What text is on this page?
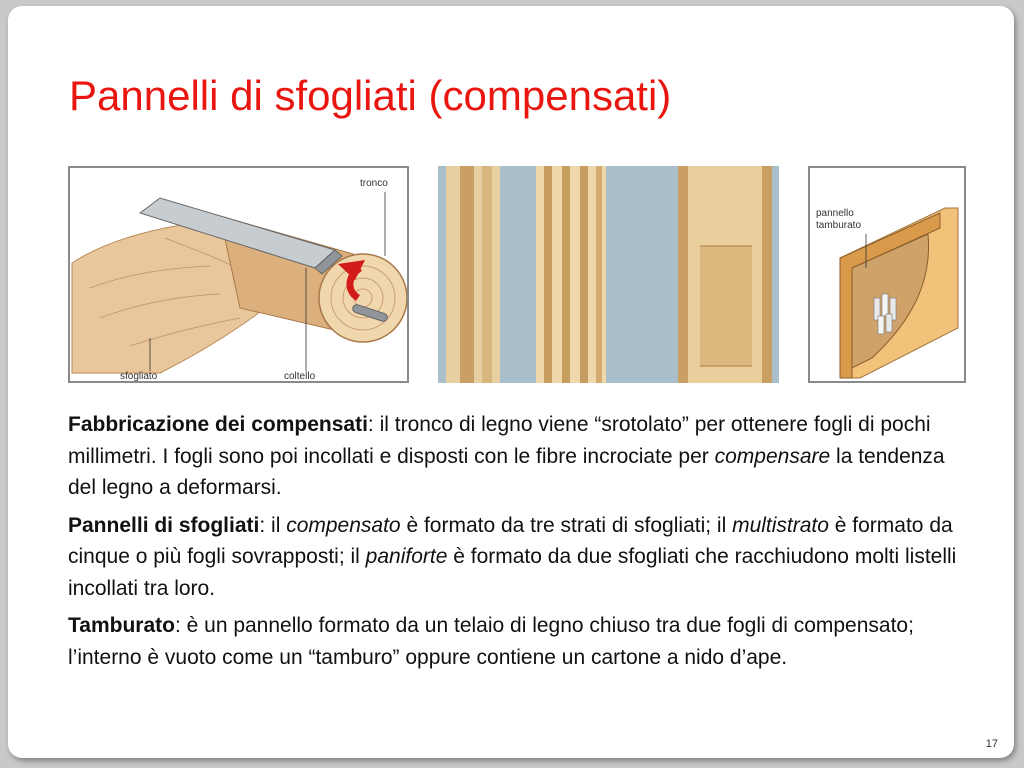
Pannelli di sfogliati (compensati)
tronco
sfogliato	coltello
pannello
tamburato

Fabbricazione dei compensati: il tronco di legno viene “srotolato” per ottenere fogli di pochi millimetri. I fogli sono poi incollati e disposti con le fibre incrociate per compensare la tendenza del legno a deformarsi.

Pannelli di sfogliati: il compensato è formato da tre strati di sfogliati; il multistrato è formato da cinque o più fogli sovrapposti; il paniforte è formato da due sfogliati che racchiudono molti listelli incollati tra loro.

Tamburato: è un pannello formato da un telaio di legno chiuso tra due fogli di compensato; l’interno è vuoto come un “tamburo” oppure contiene un cartone a nido d’ape.

17
